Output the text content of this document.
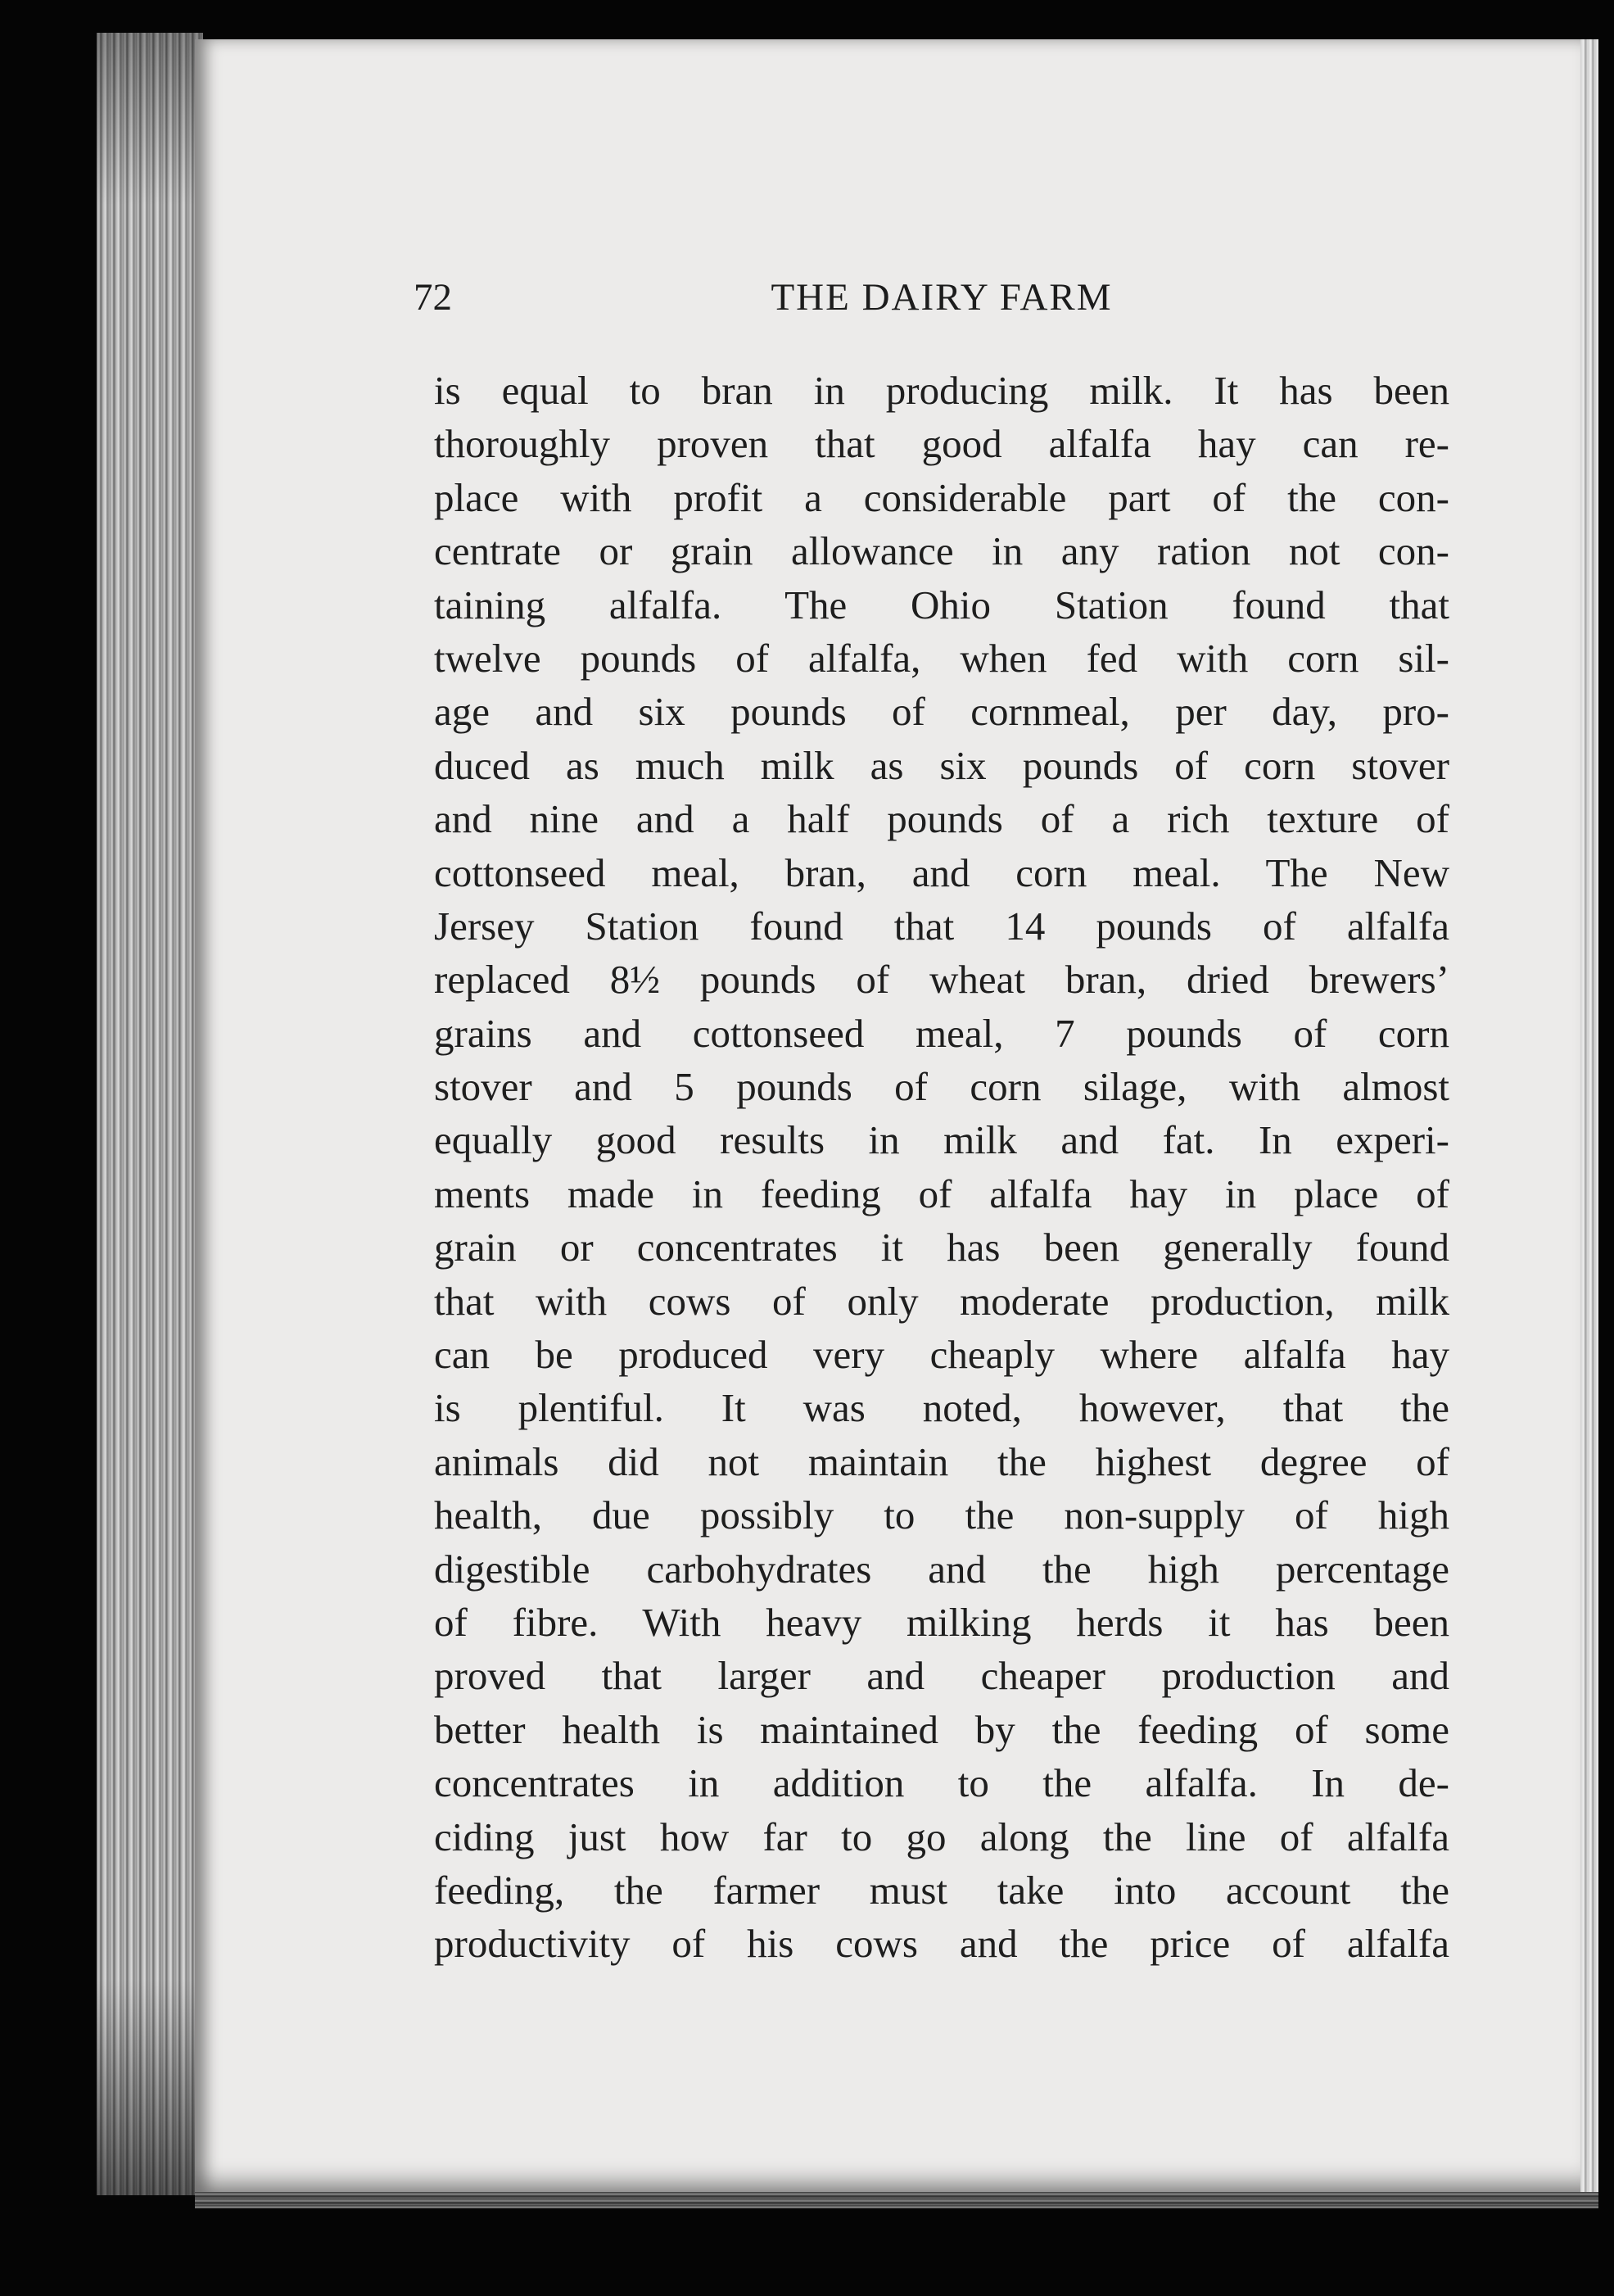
72	THE DAIRY FARM
is equal to bran in producing milk. It has been
thoroughly proven that good alfalfa hay can re-
place with profit a considerable part of the con-
centrate or grain allowance in any ration not con-
taining alfalfa. The Ohio Station found that
twelve pounds of alfalfa, when fed with corn sil-
age and six pounds of cornmeal, per day, pro-
duced as much milk as six pounds of corn stover
and nine and a half pounds of a rich texture of
cottonseed meal, bran, and corn meal. The New
Jersey Station found that 14 pounds of alfalfa
replaced 8½ pounds of wheat bran, dried brewers’
grains and cottonseed meal, 7 pounds of corn
stover and 5 pounds of corn silage, with almost
equally good results in milk and fat. In experi-
ments made in feeding of alfalfa hay in place of
grain or concentrates it has been generally found
that with cows of only moderate production, milk
can be produced very cheaply where alfalfa hay
is plentiful. It was noted, however, that the
animals did not maintain the highest degree of
health, due possibly to the non-supply of high
digestible carbohydrates and the high percentage
of fibre. With heavy milking herds it has been
proved that larger and cheaper production and
better health is maintained by the feeding of some
concentrates in addition to the alfalfa. In de-
ciding just how far to go along the line of alfalfa
feeding, the farmer must take into account the
productivity of his cows and the price of alfalfa
